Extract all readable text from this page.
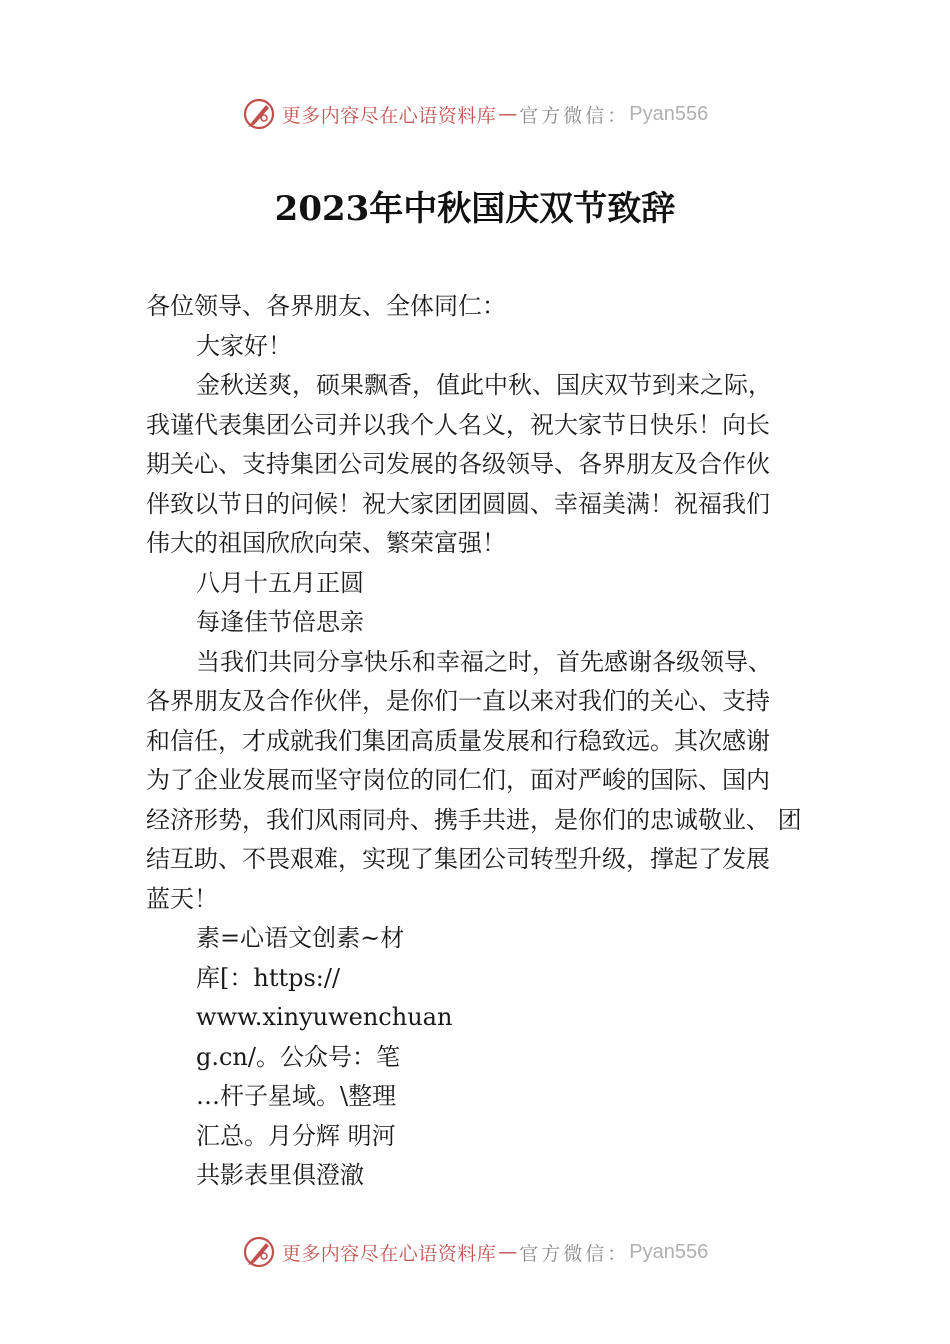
更多内容尽在心语资料库 — 官方微信： Pyan556
2023年中秋国庆双节致辞

各位领导、各界朋友、全体同仁：

大家好！

金秋送爽，硕果飘香，值此中秋、国庆双节到来之际，

我谨代表集团公司并以我个人名义，祝大家节日快乐！向长

期关心、支持集团公司发展的各级领导、各界朋友及合作伙

伴致以节日的问候！祝大家团团圆圆、幸福美满！祝福我们

伟大的祖国欣欣向荣、繁荣富强！

八月十五月正圆

每逢佳节倍思亲

当我们共同分享快乐和幸福之时，首先感谢各级领导、

各界朋友及合作伙伴，是你们一直以来对我们的关心、支持

和信任，才成就我们集团高质量发展和行稳致远。其次感谢

为了企业发展而坚守岗位的同仁们，面对严峻的国际、国内

经济形势，我们风雨同舟、携手共进，是你们的忠诚敬业、 团

结互助、不畏艰难，实现了集团公司转型升级，撑起了发展

蓝天！

素=心语文创素~材

库[：https://

www.xinyuwenchuan

g.cn/。公众号：笔

…杆子星域。\整理

汇总。月分辉 明河

共影表里俱澄澈

更多内容尽在心语资料库 — 官方微信： Pyan556
